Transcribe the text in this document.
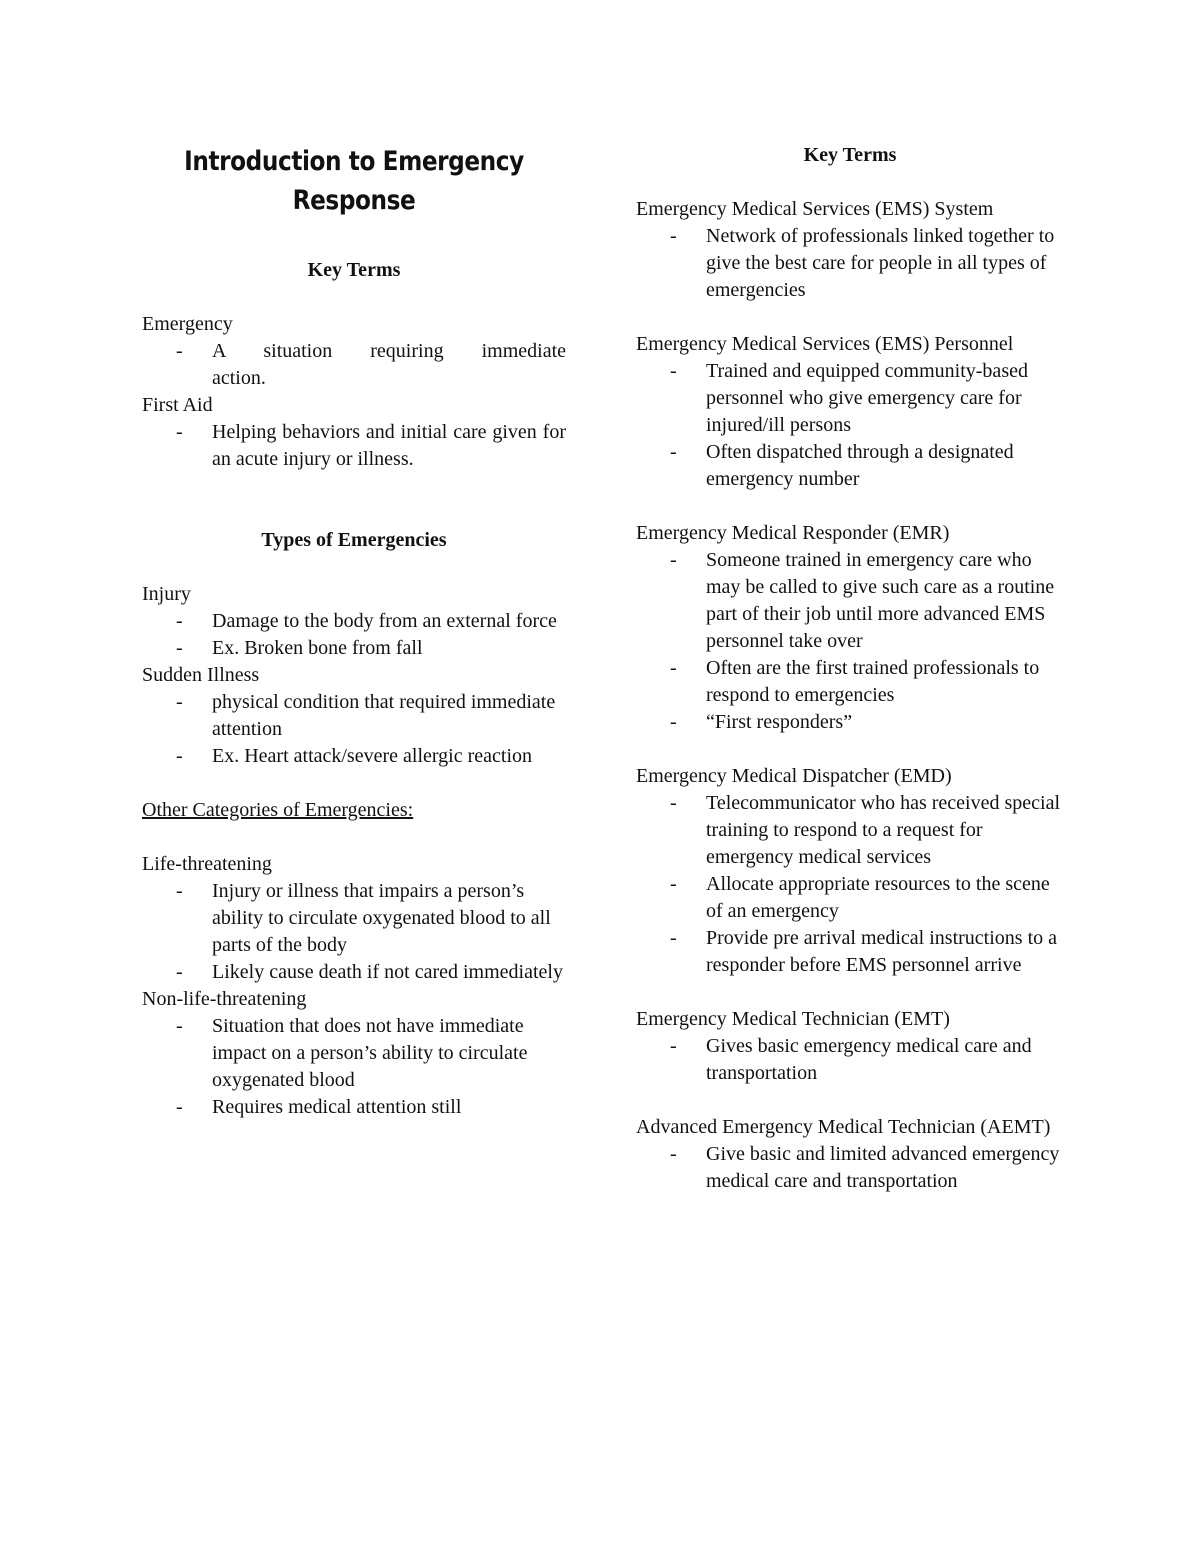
Introduction to Emergency Response

Key Terms

Emergency

- A situation requiring immediate action.

First Aid

- Helping behaviors and initial care given for an acute injury or illness.

Types of Emergencies

Injury

- Damage to the body from an external force
- Ex. Broken bone from fall

Sudden Illness

- physical condition that required immediate attention
- Ex. Heart attack/severe allergic reaction

Other Categories of Emergencies:

Life-threatening

- Injury or illness that impairs a person’s ability to circulate oxygenated blood to all parts of the body
- Likely cause death if not cared immediately

Non-life-threatening

- Situation that does not have immediate impact on a person’s ability to circulate oxygenated blood
- Requires medical attention still

Key Terms

Emergency Medical Services (EMS) System

- Network of professionals linked together to give the best care for people in all types of emergencies

Emergency Medical Services (EMS) Personnel

- Trained and equipped community-based personnel who give emergency care for injured/ill persons
- Often dispatched through a designated emergency number

Emergency Medical Responder (EMR)

- Someone trained in emergency care who may be called to give such care as a routine part of their job until more advanced EMS personnel take over
- Often are the first trained professionals to respond to emergencies
- “First responders”

Emergency Medical Dispatcher (EMD)

- Telecommunicator who has received special training to respond to a request for emergency medical services
- Allocate appropriate resources to the scene of an emergency
- Provide pre arrival medical instructions to a responder before EMS personnel arrive

Emergency Medical Technician (EMT)

- Gives basic emergency medical care and transportation

Advanced Emergency Medical Technician (AEMT)

- Give basic and limited advanced emergency medical care and transportation
